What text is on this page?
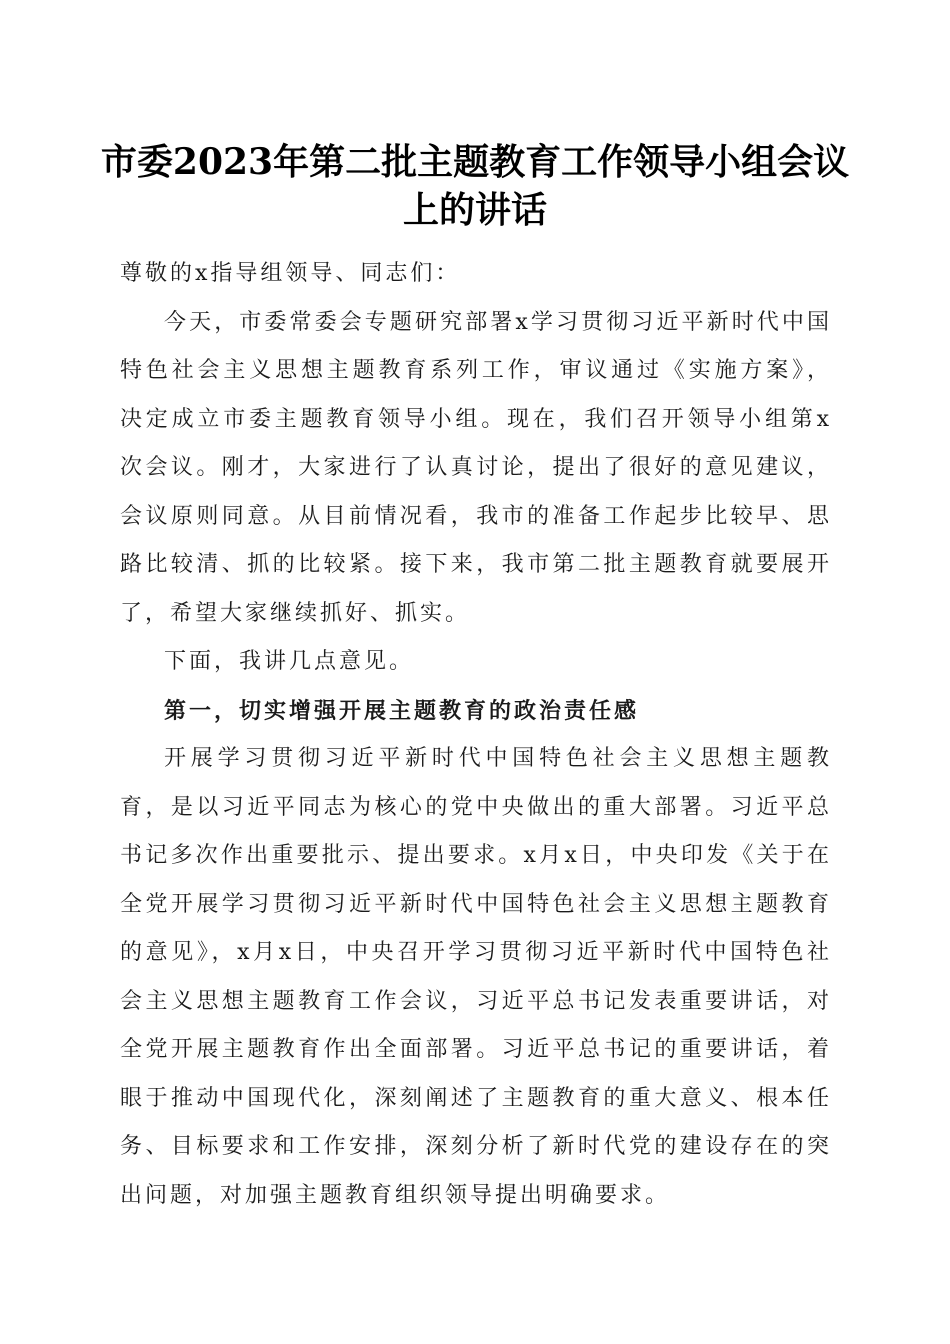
市委2023年第二批主题教育工作领导小组会议上的讲话

尊敬的x指导组领导、同志们：

今天，市委常委会专题研究部署x学习贯彻习近平新时代中国特色社会主义思想主题教育系列工作，审议通过《实施方案》，决定成立市委主题教育领导小组。现在，我们召开领导小组第x次会议。刚才，大家进行了认真讨论，提出了很好的意见建议，会议原则同意。从目前情况看，我市的准备工作起步比较早、思路比较清、抓的比较紧。接下来，我市第二批主题教育就要展开了，希望大家继续抓好、抓实。

下面，我讲几点意见。

第一，切实增强开展主题教育的政治责任感

开展学习贯彻习近平新时代中国特色社会主义思想主题教育，是以习近平同志为核心的党中央做出的重大部署。习近平总书记多次作出重要批示、提出要求。x月x日，中央印发《关于在全党开展学习贯彻习近平新时代中国特色社会主义思想主题教育的意见》，x月x日，中央召开学习贯彻习近平新时代中国特色社会主义思想主题教育工作会议，习近平总书记发表重要讲话，对全党开展主题教育作出全面部署。习近平总书记的重要讲话，着眼于推动中国现代化，深刻阐述了主题教育的重大意义、根本任务、目标要求和工作安排，深刻分析了新时代党的建设存在的突出问题，对加强主题教育组织领导提出明确要求。
